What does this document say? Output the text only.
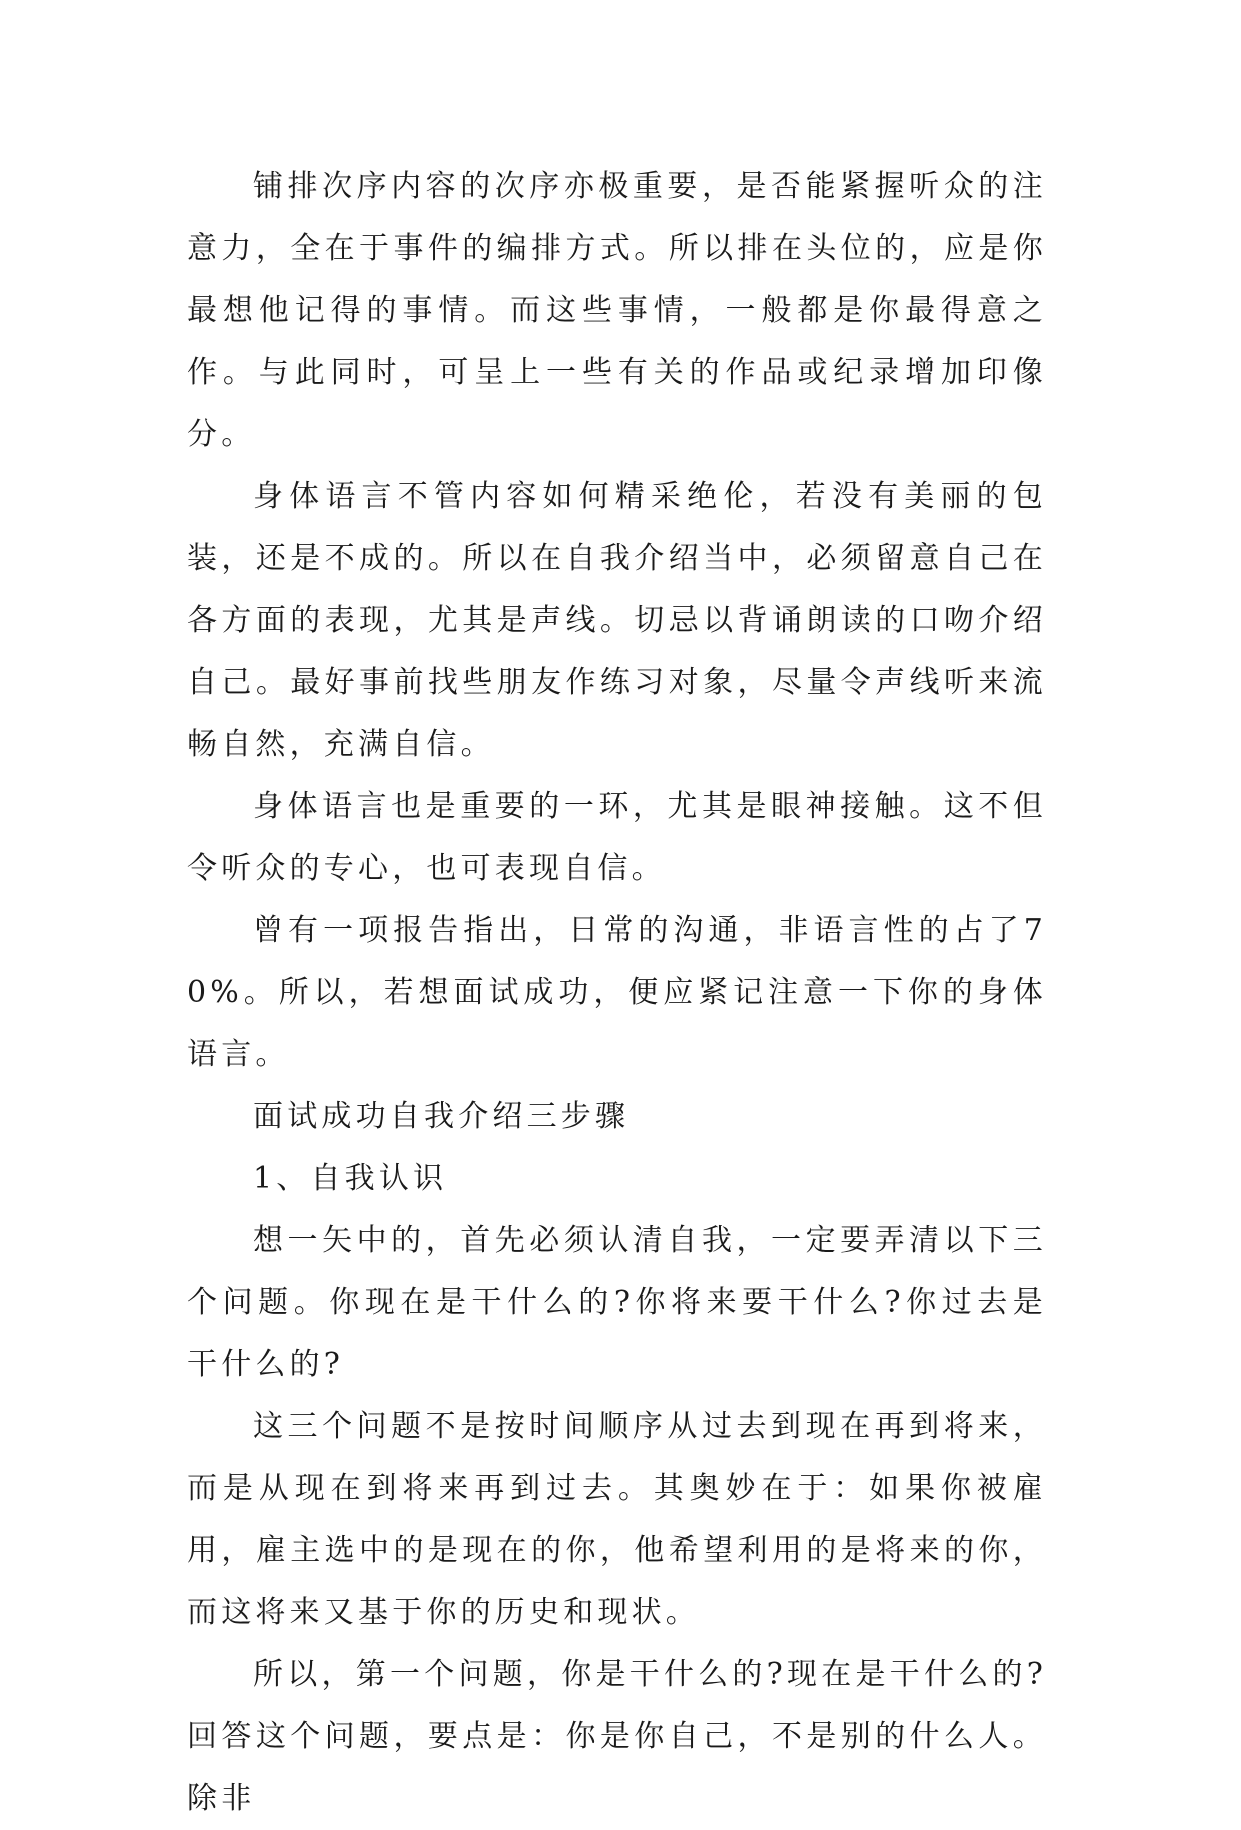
铺排次序内容的次序亦极重要，是否能紧握听众的注意力，全在于事件的编排方式。所以排在头位的，应是你最想他记得的事情。而这些事情，一般都是你最得意之作。与此同时，可呈上一些有关的作品或纪录增加印像分。

身体语言不管内容如何精采绝伦，若没有美丽的包装，还是不成的。所以在自我介绍当中，必须留意自己在各方面的表现，尤其是声线。切忌以背诵朗读的口吻介绍自己。最好事前找些朋友作练习对象，尽量令声线听来流畅自然，充满自信。

身体语言也是重要的一环，尤其是眼神接触。这不但令听众的专心，也可表现自信。

曾有一项报告指出，日常的沟通，非语言性的占了70%。所以，若想面试成功，便应紧记注意一下你的身体语言。

面试成功自我介绍三步骤

1、自我认识

想一矢中的，首先必须认清自我，一定要弄清以下三个问题。你现在是干什么的?你将来要干什么?你过去是干什么的?

这三个问题不是按时间顺序从过去到现在再到将来，而是从现在到将来再到过去。其奥妙在于：如果你被雇用，雇主选中的是现在的你，他希望利用的是将来的你，而这将来又基于你的历史和现状。

所以，第一个问题，你是干什么的?现在是干什么的?回答这个问题，要点是：你是你自己，不是别的什么人。除非
